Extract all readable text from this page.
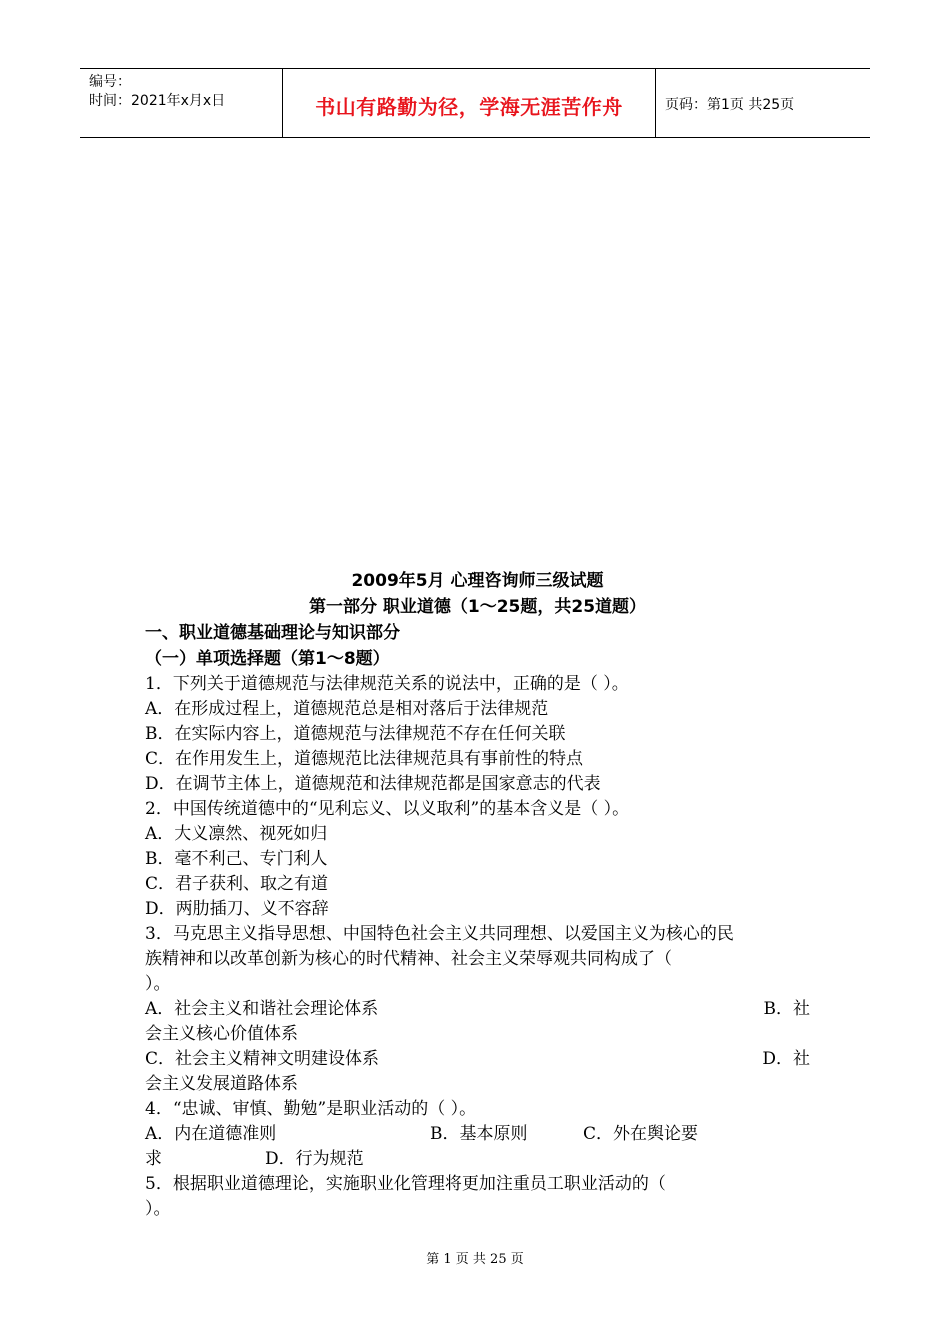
编号：
时间：2021年x月x日	书山有路勤为径，学海无涯苦作舟	页码：第1页 共25页
2009年5月 心理咨询师三级试题
第一部分 职业道德（1～25题，共25道题）
一、职业道德基础理论与知识部分
（一）单项选择题（第1～8题）
1．下列关于道德规范与法律规范关系的说法中，正确的是（ ）。
A．在形成过程上，道德规范总是相对落后于法律规范
B．在实际内容上，道德规范与法律规范不存在任何关联
C．在作用发生上，道德规范比法律规范具有事前性的特点
D．在调节主体上，道德规范和法律规范都是国家意志的代表
2．中国传统道德中的“见利忘义、以义取利”的基本含义是（ ）。
A．大义凛然、视死如归
B．毫不利己、专门利人
C．君子获利、取之有道
D．两肋插刀、义不容辞
3．马克思主义指导思想、中国特色社会主义共同理想、以爱国主义为核心的民
族精神和以改革创新为核心的时代精神、社会主义荣辱观共同构成了（
）。
A．社会主义和谐社会理论体系	B．社
会主义核心价值体系
C．社会主义精神文明建设体系	D．社
会主义发展道路体系
4．“忠诚、审慎、勤勉”是职业活动的（ ）。
A．内在道德准则	B．基本原则	C．外在舆论要
求	D．行为规范
5．根据职业道德理论，实施职业化管理将更加注重员工职业活动的（
）。
第 1 页 共 25 页
